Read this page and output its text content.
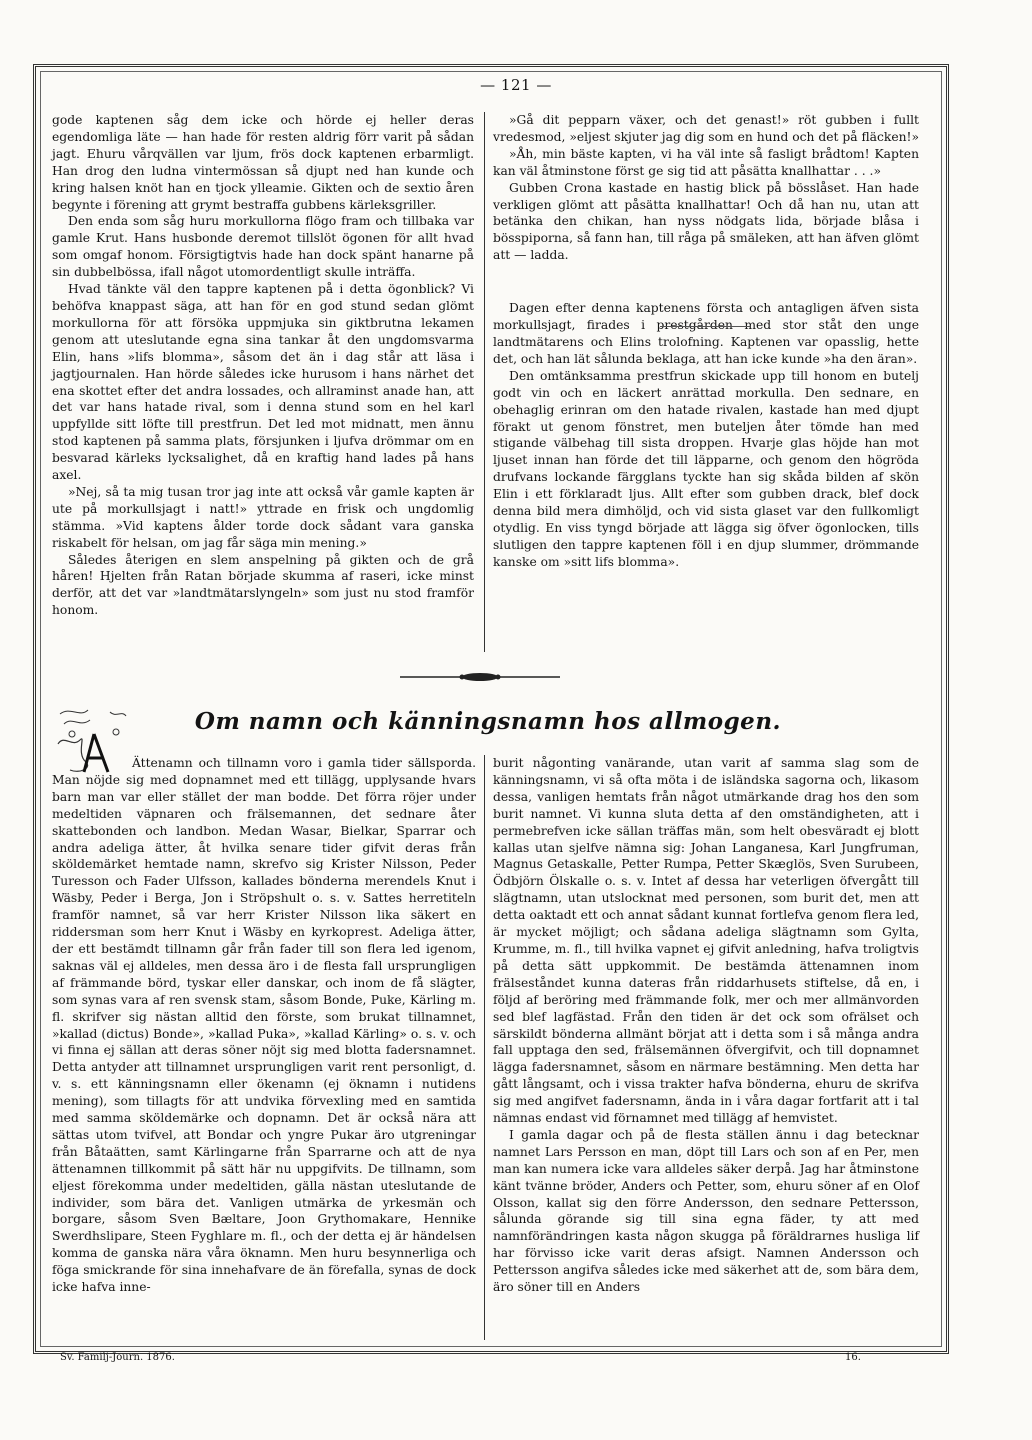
— 121 —

gode kaptenen såg dem icke och hörde ej heller deras egendomliga läte — han hade för resten aldrig förr varit på sådan jagt. Ehuru vårqvällen var ljum, frös dock kaptenen erbarmligt. Han drog den ludna vintermössan så djupt ned han kunde och kring halsen knöt han en tjock ylleamie. Gikten och de sextio åren begynte i förening att grymt bestraffa gubbens kärleksgriller.

Den enda som såg huru morkullorna flögo fram och tillbaka var gamle Krut. Hans husbonde deremot tillslöt ögonen för allt hvad som omgaf honom. Försigtigtvis hade han dock spänt hanarne på sin dubbelbössa, ifall något utomordentligt skulle inträffa.

Hvad tänkte väl den tappre kaptenen på i detta ögonblick? Vi behöfva knappast säga, att han för en god stund sedan glömt morkullorna för att försöka uppmjuka sin giktbrutna lekamen genom att uteslutande egna sina tankar åt den ungdomsvarma Elin, hans »lifs blomma», såsom det än i dag står att läsa i jagtjournalen. Han hörde således icke hurusom i hans närhet det ena skottet efter det andra lossades, och allraminst anade han, att det var hans hatade rival, som i denna stund som en hel karl uppfyllde sitt löfte till prestfrun. Det led mot midnatt, men ännu stod kaptenen på samma plats, försjunken i ljufva drömmar om en besvarad kärleks lycksalighet, då en kraftig hand lades på hans axel.

»Nej, så ta mig tusan tror jag inte att också vår gamle kapten är ute på morkullsjagt i natt!» yttrade en frisk och ungdomlig stämma. »Vid kaptens ålder torde dock sådant vara ganska riskabelt för helsan, om jag får säga min mening.»

Således återigen en slem anspelning på gikten och de grå håren! Hjelten från Ratan började skumma af raseri, icke minst derför, att det var »landtmätarslyngeln» som just nu stod framför honom.

»Gå dit pepparn växer, och det genast!» röt gubben i fullt vredesmod, »eljest skjuter jag dig som en hund och det på fläcken!»

»Åh, min bäste kapten, vi ha väl inte så fasligt brådtom! Kapten kan väl åtminstone först ge sig tid att påsätta knallhattar . . .»

Gubben Crona kastade en hastig blick på bösslåset. Han hade verkligen glömt att påsätta knallhattar! Och då han nu, utan att betänka den chikan, han nyss nödgats lida, började blåsa i bösspiporna, så fann han, till råga på smäleken, att han äfven glömt att — ladda.

Dagen efter denna kaptenens första och antagligen äfven sista morkullsjagt, firades i prestgården med stor ståt den unge landtmätarens och Elins trolofning. Kaptenen var opasslig, hette det, och han lät sålunda beklaga, att han icke kunde »ha den äran».

Den omtänksamma prestfrun skickade upp till honom en butelj godt vin och en läckert anrättad morkulla. Den sednare, en obehaglig erinran om den hatade rivalen, kastade han med djupt förakt ut genom fönstret, men buteljen åter tömde han med stigande välbehag till sista droppen. Hvarje glas höjde han mot ljuset innan han förde det till läpparne, och genom den högröda drufvans lockande färgglans tyckte han sig skåda bilden af skön Elin i ett förklaradt ljus. Allt efter som gubben drack, blef dock denna bild mera dimhöljd, och vid sista glaset var den fullkomligt otydlig. En viss tyngd började att lägga sig öfver ögonlocken, tills slutligen den tappre kaptenen föll i en djup slummer, drömmande kanske om »sitt lifs blomma».

Om namn och känningsnamn hos allmogen.

Ättenamn och tillnamn voro i gamla tider sällsporda. Man nöjde sig med dopnamnet med ett tillägg, upplysande hvars barn man var eller stället der man bodde. Det förra röjer under medeltiden väpnaren och frälsemannen, det sednare åter skattebonden och landbon. Medan Wasar, Bielkar, Sparrar och andra adeliga ätter, åt hvilka senare tider gifvit deras från sköldemärket hemtade namn, skrefvo sig Krister Nilsson, Peder Turesson och Fader Ulfsson, kallades bönderna merendels Knut i Wäsby, Peder i Berga, Jon i Ströpshult o. s. v. Sattes herretiteln framför namnet, så var herr Krister Nilsson lika säkert en riddersman som herr Knut i Wäsby en kyrkoprest. Adeliga ätter, der ett bestämdt tillnamn går från fader till son flera led igenom, saknas väl ej alldeles, men dessa äro i de flesta fall ursprungligen af främmande börd, tyskar eller danskar, och inom de få slägter, som synas vara af ren svensk stam, såsom Bonde, Puke, Kärling m. fl. skrifver sig nästan alltid den förste, som brukat tillnamnet, »kallad (dictus) Bonde», »kallad Puka», »kallad Kärling» o. s. v. och vi finna ej sällan att deras söner nöjt sig med blotta fadersnamnet. Detta antyder att tillnamnet ursprungligen varit rent personligt, d. v. s. ett känningsnamn eller ökenamn (ej öknamn i nutidens mening), som tillagts för att undvika förvexling med en samtida med samma sköldemärke och dopnamn. Det är också nära att sättas utom tvifvel, att Bondar och yngre Pukar äro utgreningar från Båtaätten, samt Kärlingarne från Sparrarne och att de nya ättenamnen tillkommit på sätt här nu uppgifvits. De tillnamn, som eljest förekomma under medeltiden, gälla nästan uteslutande de individer, som bära det. Vanligen utmärka de yrkesmän och borgare, såsom Sven Bæltare, Joon Grythomakare, Hennike Swerdhslipare, Steen Fyghlare m. fl., och der detta ej är händelsen komma de ganska nära våra öknamn. Men huru besynnerliga och föga smickrande för sina innehafvare de än förefalla, synas de dock icke hafva inne-

burit någonting vanärande, utan varit af samma slag som de känningsnamn, vi så ofta möta i de isländska sagorna och, likasom dessa, vanligen hemtats från något utmärkande drag hos den som burit namnet. Vi kunna sluta detta af den omständigheten, att i permebrefven icke sällan träffas män, som helt obesväradt ej blott kallas utan sjelfve nämna sig: Johan Langanesa, Karl Jungfruman, Magnus Getaskalle, Petter Rumpa, Petter Skæglös, Sven Surubeen, Ödbjörn Ölskalle o. s. v. Intet af dessa har veterligen öfvergått till slägtnamn, utan utslocknat med personen, som burit det, men att detta oaktadt ett och annat sådant kunnat fortlefva genom flera led, är mycket möjligt; och sådana adeliga slägtnamn som Gylta, Krumme, m. fl., till hvilka vapnet ej gifvit anledning, hafva troligtvis på detta sätt uppkommit. De bestämda ättenamnen inom frälseståndet kunna dateras från riddarhusets stiftelse, då en, i följd af beröring med främmande folk, mer och mer allmänvorden sed blef lagfästad. Från den tiden är det ock som ofrälset och särskildt bönderna allmänt börjat att i detta som i så många andra fall upptaga den sed, frälsemännen öfvergifvit, och till dopnamnet lägga fadersnamnet, såsom en närmare bestämning. Men detta har gått långsamt, och i vissa trakter hafva bönderna, ehuru de skrifva sig med angifvet fadersnamn, ända in i våra dagar fortfarit att i tal nämnas endast vid förnamnet med tillägg af hemvistet.

I gamla dagar och på de flesta ställen ännu i dag betecknar namnet Lars Persson en man, döpt till Lars och son af en Per, men man kan numera icke vara alldeles säker derpå. Jag har åtminstone känt tvänne bröder, Anders och Petter, som, ehuru söner af en Olof Olsson, kallat sig den förre Andersson, den sednare Pettersson, sålunda görande sig till sina egna fäder, ty att med namnförändringen kasta någon skugga på föräldrarnes husliga lif har förvisso icke varit deras afsigt. Namnen Andersson och Pettersson angifva således icke med säkerhet att de, som bära dem, äro söner till en Anders

Sv. Familj-Journ. 1876.	16.
